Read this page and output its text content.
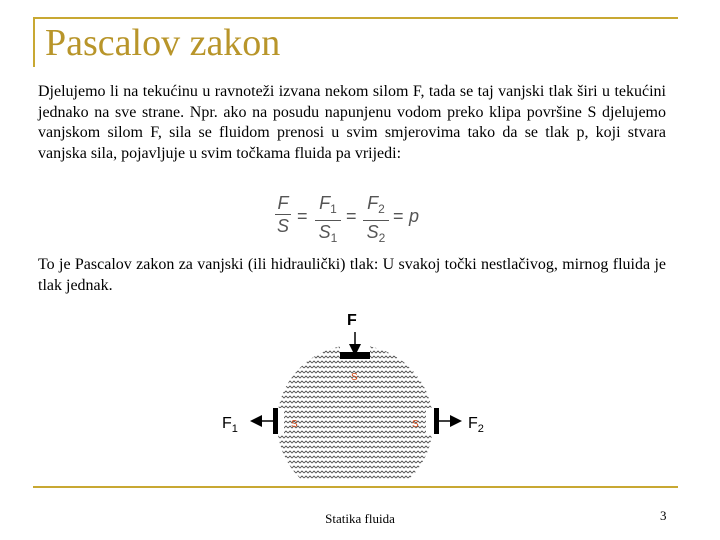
Pascalov zakon

Djelujemo li na tekućinu u ravnoteži izvana nekom silom F, tada se taj vanjski tlak širi u tekućini jednako na sve strane. Npr. ako na posudu napunjenu vodom preko klipa površine S djelujemo vanjskom silom F, sila se fluidom prenosi u svim smjerovima tako da se tlak p, koji stvara vanjska sila, pojavljuje u svim točkama fluida pa vrijedi:

F
S =
$F_1$
$S_1$
=
$F_2$
$S_2$
= p

To je Pascalov zakon za vanjski (ili hidraulički) tlak: U svakoj točki nestlačivog, mirnog fluida je tlak jednak.

F
$F_1$	$F_2$
S
S	S
Statika fluida	3
